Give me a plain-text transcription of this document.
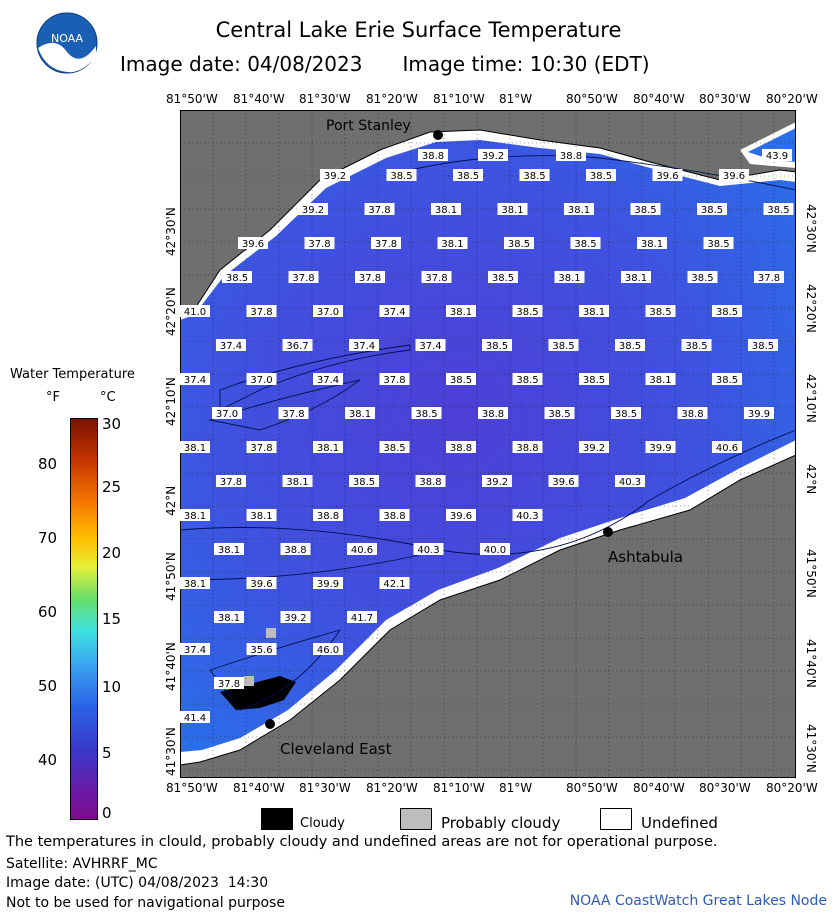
NOAA	Central Lake Erie Surface Temperature
Image date: 04/08/2023 Image time: 10:30 (EDT)
81°50'W 81°40'W 81°30'W 81°20'W 81°10'W 81°W	80°50'W 80°40'W 80°30'W 80°20'W
81°50'W 81°40'W 81°30'W 81°20'W 81°10'W 81°W	80°50'W 80°40'W 80°30'W 80°20'W
42°30'N
42°20'N
42°10'N
42°N
41°50'N
41°40'N
41°30'N
42°30'N
42°20'N
42°10'N
42°N
41°50'N
41°40'N
41°30'N
38.8	39.2	38.8	43.9
39.2	38.5	38.5	38.5	38.5	39.6	39.6
39.2	37.8	38.1	38.1	38.1	38.5	38.5	38.5
39.6	37.8	37.8	38.1	38.5	38.5	38.1	38.5
38.5	37.8	37.8	37.8	38.5	38.1	38.1	38.5	37.8
41.0	37.8	37.0	37.4	38.1	38.5	38.1	38.5	38.5
37.4	36.7	37.4	37.4	38.5	38.5	38.5	38.5	38.5
37.4	37.0	37.4	37.8	38.5	38.5	38.5	38.1	38.5
37.0	37.8	38.1	38.5	38.8	38.5	38.5	38.8	39.9
38.1	37.8	38.1	38.5	38.8	38.8	39.2	39.9	40.6
37.8	38.1	38.5	38.8	39.2	39.6	40.3
38.1	38.1	38.8	38.8	39.6	40.3
38.1	38.8	40.6	40.3	40.0
38.1	39.6	39.9	42.1
38.1	39.2	41.7
37.4	35.6	46.0
37.8
41.4
Port Stanley
Ashtabula
Cleveland East
Water Temperature
°F	°C
80
70
60
50
40
30
25
20
15
10
5
0
Cloudy	Probably cloudy	Undefined
The temperatures in clould, probably cloudy and undefined areas are not for operational purpose.
Satellite: AVHRRF_MC
Image date: (UTC) 04/08/2023  14:30
Not to be used for navigational purpose	NOAA CoastWatch Great Lakes Node
